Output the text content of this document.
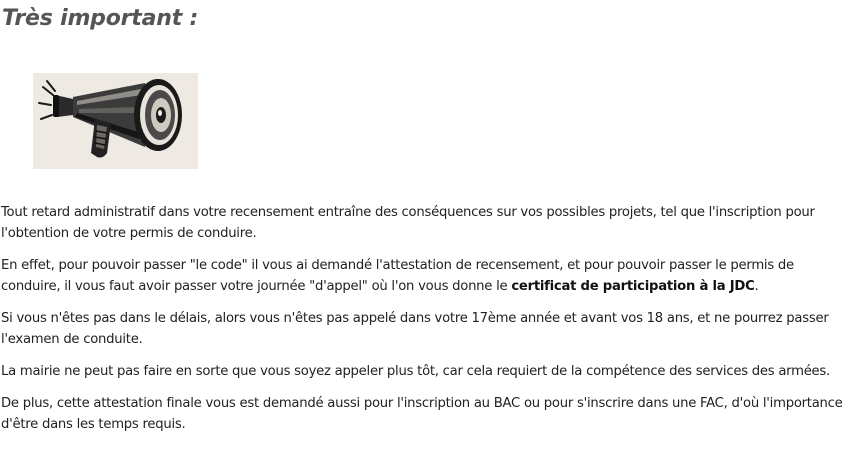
Très important :

Tout retard administratif dans votre recensement entraîne des conséquences sur vos possibles projets, tel que l'inscription pour l'obtention de votre permis de conduire.

En effet, pour pouvoir passer "le code" il vous ai demandé l'attestation de recensement, et pour pouvoir passer le permis de conduire, il vous faut avoir passer votre journée "d'appel" où l'on vous donne le certificat de participation à la JDC.

Si vous n'êtes pas dans le délais, alors vous n'êtes pas appelé dans votre 17ème année et avant vos 18 ans, et ne pourrez passer l'examen de conduite.

La mairie ne peut pas faire en sorte que vous soyez appeler plus tôt, car cela requiert de la compétence des services des armées.

De plus, cette attestation finale vous est demandé aussi pour l'inscription au BAC ou pour s'inscrire dans une FAC, d'où l'importance d'être dans les temps requis.
